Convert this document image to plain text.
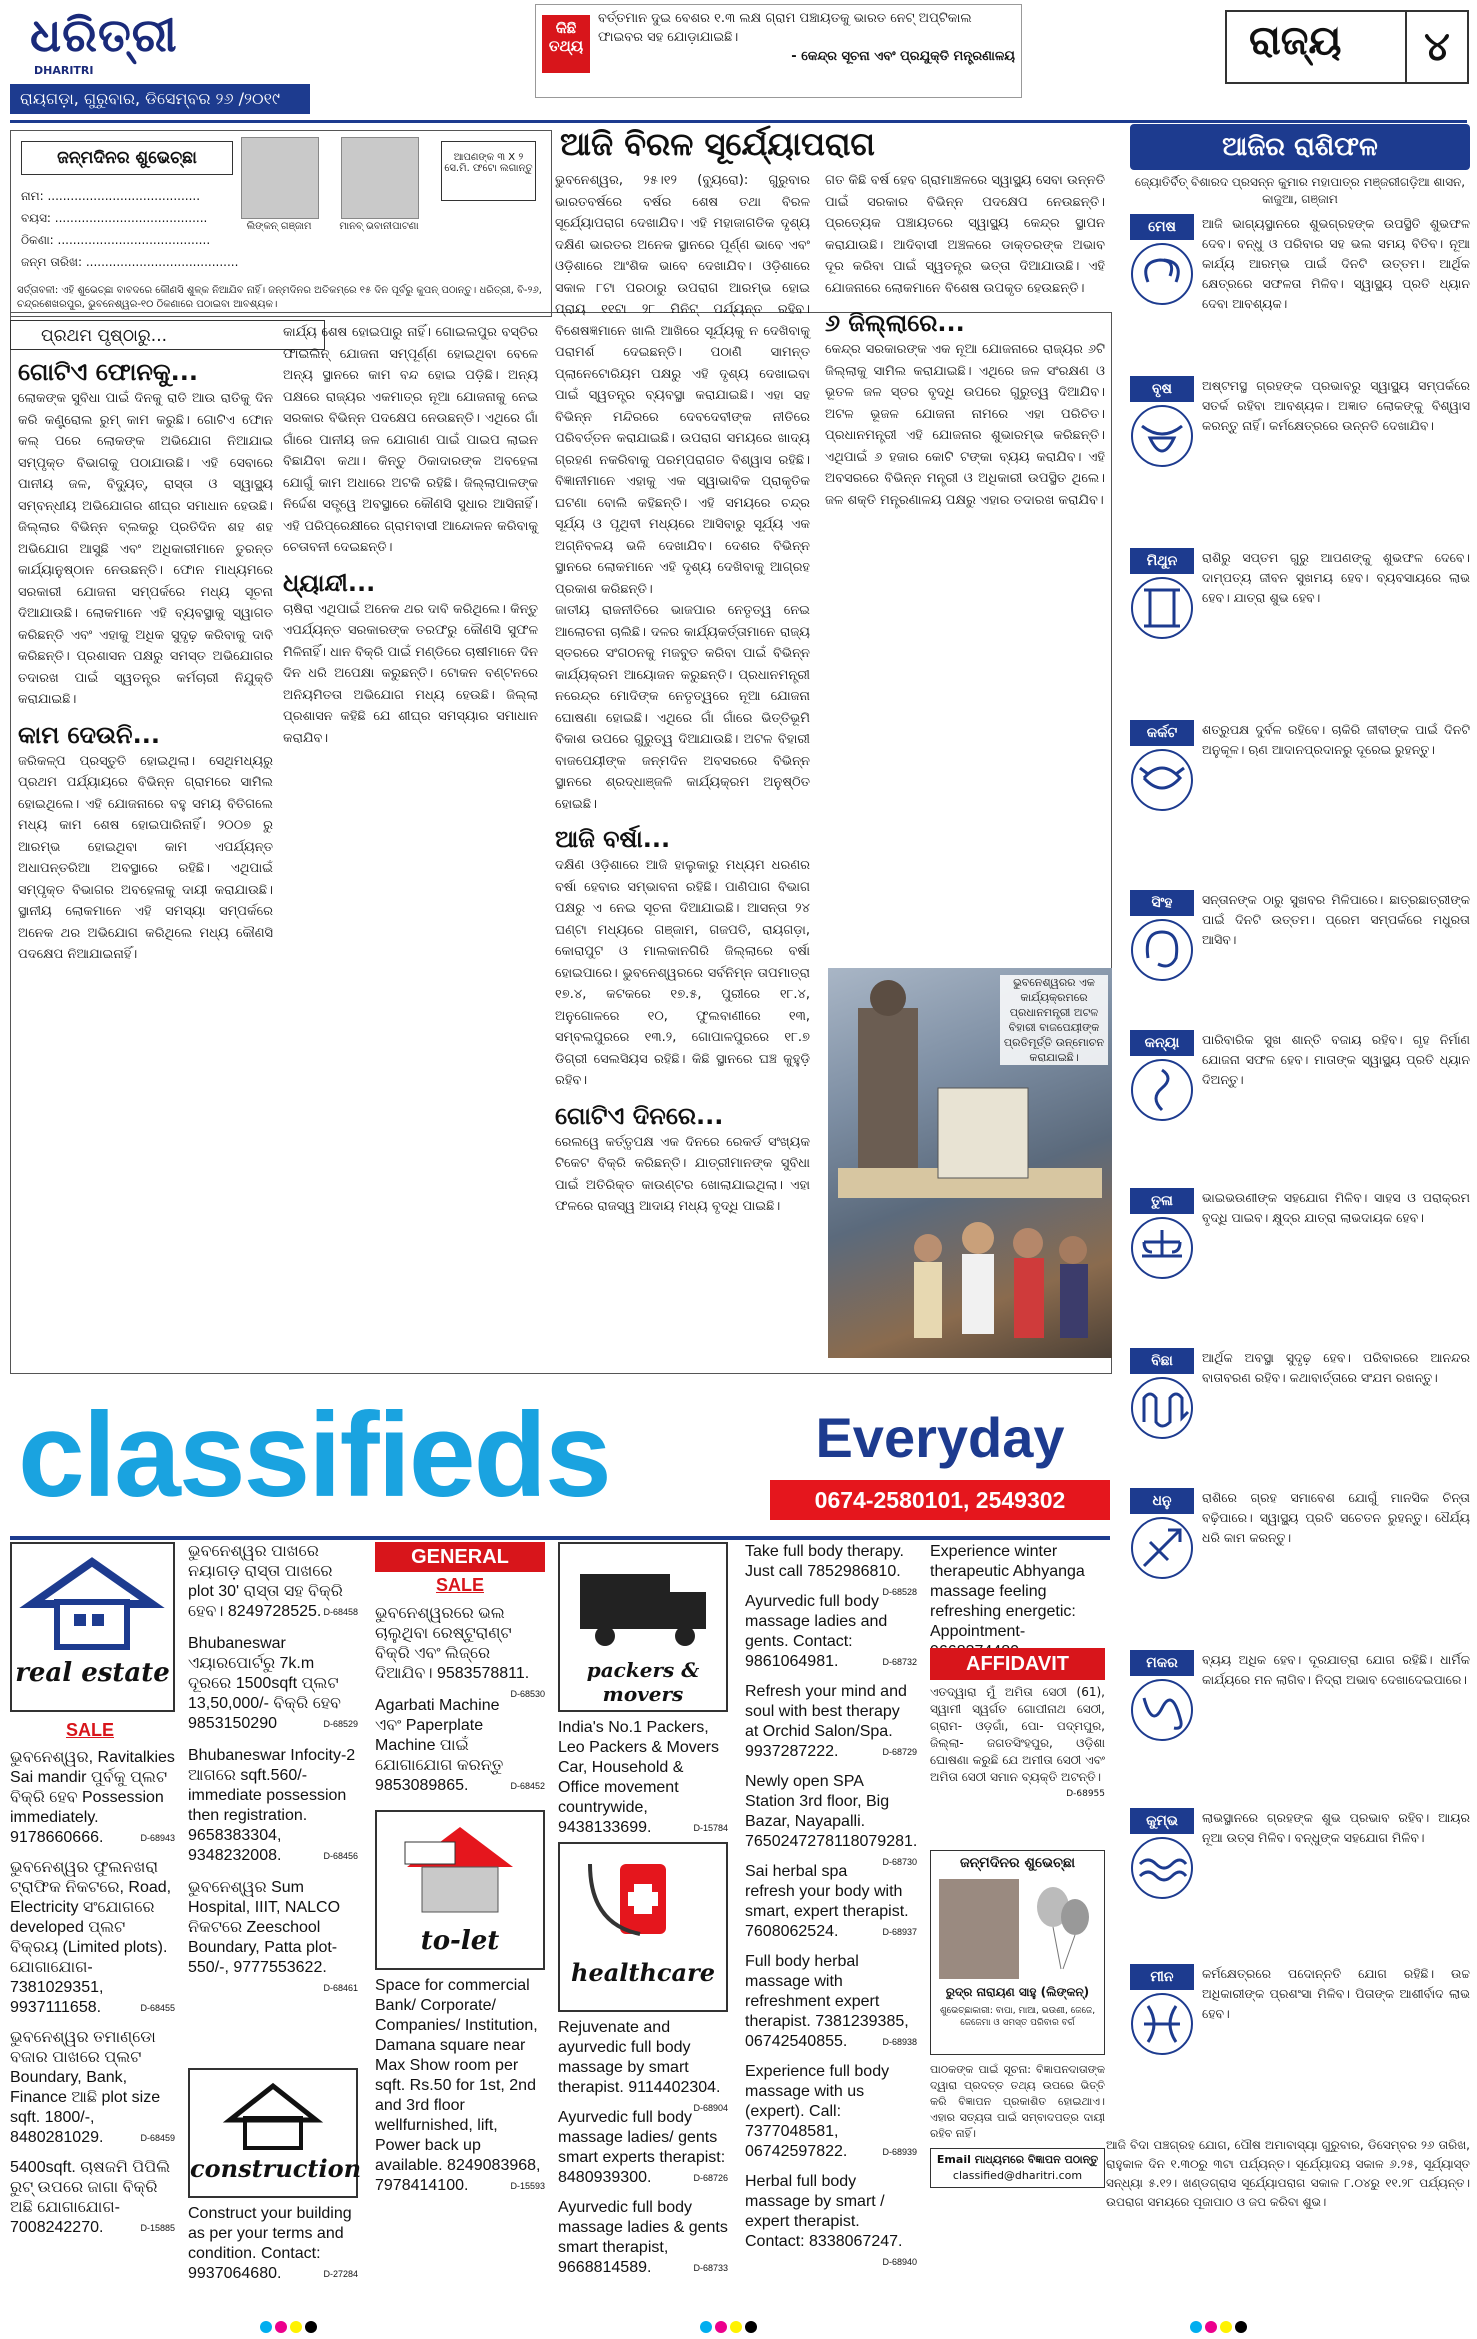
ଧରିତ୍ରୀ
DHARITRI
ରାୟଗଡ଼ା, ଗୁରୁବାର, ଡିସେମ୍ବର ୨୬ /୨୦୧୯
କିଛି ତଥ୍ୟ
ବର୍ତ୍ତମାନ ଦୁଇ ବେଶର ୧.୩ ଲକ୍ଷ ଗ୍ରାମ ପଞ୍ଚାୟତକୁ ଭାରତ ନେଟ୍ ଅପ୍ଟିକାଲ ଫାଇବର ସହ ଯୋଡ଼ାଯାଇଛି।

- କେନ୍ଦ୍ର ସୂଚନା ଏବଂ ପ୍ରଯୁକ୍ତି ମନ୍ତ୍ରଣାଳୟ	ରାଜ୍ୟ	୪
ଜନ୍ମଦିନର ଶୁଭେଚ୍ଛା
ନାମ: ........................................
ବୟସ: ........................................
ଠିକଣା: ........................................
ଜନ୍ମ ତାରିଖ: ........................................
ଲିଙ୍କନ୍ ଗଞ୍ଜାମ	ମାନବ୍ ଭବାନୀପାଟଣା
ଆପଣଙ୍କ ୩ X ୨ ସେ.ମି. ଫଟୋ ଲଗାନ୍ତୁ
ସର୍ତ୍ତାବଳୀ: ଏହି ଶୁଭେଚ୍ଛା ବାବଦରେ କୌଣସି ଶୁଳ୍କ ନିଆଯିବ ନାହିଁ। ଜନ୍ମଦିନର ଅତିକମ୍‌ରେ ୧୫ ଦିନ ପୂର୍ବରୁ କୁପନ୍ ପଠାନ୍ତୁ। ଧରିତ୍ରୀ, ବି-୨୬, ଚନ୍ଦ୍ରଶେଖରପୁର, ଭୁବନେଶ୍ୱର-୧୦ ଠିକଣାରେ ପଠାଇବା ଆବଶ୍ୟକ।
ଆଜି ବିରଳ ସୂର୍ଯ୍ୟୋପରାଗ
ପ୍ରଥମ ପୃଷ୍ଠାରୁ...
ଗୋଟିଏ ଫୋନକୁ...
ଲୋକଙ୍କ ସୁବିଧା ପାଇଁ ଦିନକୁ ରାତି ଆଉ ରାତିକୁ ଦିନ କରି କଣ୍ଟ୍ରୋଲ ରୁମ୍ କାମ କରୁଛି। ଗୋଟିଏ ଫୋନ କଲ୍ ପରେ ଲୋକଙ୍କ ଅଭିଯୋଗ ନିଆଯାଇ ସମ୍ପୃକ୍ତ ବିଭାଗକୁ ପଠାଯାଉଛି। ଏହି ସେବାରେ ପାନୀୟ ଜଳ, ବିଦ୍ୟୁତ୍, ରାସ୍ତା ଓ ସ୍ୱାସ୍ଥ୍ୟ ସମ୍ବନ୍ଧୀୟ ଅଭିଯୋଗର ଶୀଘ୍ର ସମାଧାନ ହେଉଛି। ଜିଲ୍ଲାର ବିଭିନ୍ନ ବ୍ଲକରୁ ପ୍ରତିଦିନ ଶହ ଶହ ଅଭିଯୋଗ ଆସୁଛି ଏବଂ ଅଧିକାରୀମାନେ ତୁରନ୍ତ କାର୍ଯ୍ୟାନୁଷ୍ଠାନ ନେଉଛନ୍ତି। ଫୋନ ମାଧ୍ୟମରେ ସରକାରୀ ଯୋଜନା ସମ୍ପର୍କରେ ମଧ୍ୟ ସୂଚନା ଦିଆଯାଉଛି। ଲୋକମାନେ ଏହି ବ୍ୟବସ୍ଥାକୁ ସ୍ୱାଗତ କରିଛନ୍ତି ଏବଂ ଏହାକୁ ଅଧିକ ସୁଦୃଢ଼ କରିବାକୁ ଦାବି କରିଛନ୍ତି। ପ୍ରଶାସନ ପକ୍ଷରୁ ସମସ୍ତ ଅଭିଯୋଗର ତଦାରଖ ପାଇଁ ସ୍ୱତନ୍ତ୍ର କର୍ମଚାରୀ ନିଯୁକ୍ତି କରାଯାଇଛି।
କାମ ଦେଉନି...
ଜରିକଳ୍ପ ପ୍ରସ୍ତୁତି ହୋଇଥିଲା। ସେଥିମଧ୍ୟରୁ ପ୍ରଥମ ପର୍ଯ୍ୟାୟରେ ବିଭିନ୍ନ ଗ୍ରାମରେ ସାମିଲ ହୋଇଥିଲେ। ଏହି ଯୋଜନାରେ ବହୁ ସମୟ ବିତିଗଲେ ମଧ୍ୟ କାମ ଶେଷ ହୋଇପାରିନାହିଁ। ୨୦୦୭ ରୁ ଆରମ୍ଭ ହୋଇଥିବା କାମ ଏପର୍ଯ୍ୟନ୍ତ ଅଧାପନ୍ତରିଆ ଅବସ୍ଥାରେ ରହିଛି। ଏଥିପାଇଁ ସମ୍ପୃକ୍ତ ବିଭାଗର ଅବହେଳାକୁ ଦାୟୀ କରାଯାଉଛି। ସ୍ଥାନୀୟ ଲୋକମାନେ ଏହି ସମସ୍ୟା ସମ୍ପର୍କରେ ଅନେକ ଥର ଅଭିଯୋଗ କରିଥିଲେ ମଧ୍ୟ କୌଣସି ପଦକ୍ଷେପ ନିଆଯାଇନାହିଁ।
କାର୍ଯ୍ୟ ଶେଷ ହୋଇପାରୁ ନାହିଁ। ଗୋଇଲପୁର ବସ୍ତିର ଫାଇଲିନ୍ ଯୋଜନା ସମ୍ପୂର୍ଣ୍ଣ ହୋଇଥିବା ବେଳେ ଅନ୍ୟ ସ୍ଥାନରେ କାମ ବନ୍ଦ ହୋଇ ପଡ଼ିଛି। ଅନ୍ୟ ପକ୍ଷରେ ରାଜ୍ୟର ଏକମାତ୍ର ନୂଆ ଯୋଜନାକୁ ନେଇ ସରକାର ବିଭିନ୍ନ ପଦକ୍ଷେପ ନେଉଛନ୍ତି। ଏଥିରେ ଗାଁ ଗାଁରେ ପାନୀୟ ଜଳ ଯୋଗାଣ ପାଇଁ ପାଇପ ଲାଇନ ବିଛାଯିବା କଥା। କିନ୍ତୁ ଠିକାଦାରଙ୍କ ଅବହେଳା ଯୋଗୁଁ କାମ ଅଧାରେ ଅଟକି ରହିଛି। ଜିଲ୍ଲାପାଳଙ୍କ ନିର୍ଦ୍ଦେଶ ସତ୍ତ୍ୱେ ଅବସ୍ଥାରେ କୌଣସି ସୁଧାର ଆସିନାହିଁ। ଏହି ପରିପ୍ରେକ୍ଷୀରେ ଗ୍ରାମବାସୀ ଆନ୍ଦୋଳନ କରିବାକୁ ଚେତାବନୀ ଦେଇଛନ୍ତି।
ଧ୍ୟାନ୍ଦୀ...
ଚାଷିରା ଏଥିପାଇଁ ଅନେକ ଥର ଦାବି କରିଥିଲେ। କିନ୍ତୁ ଏପର୍ଯ୍ୟନ୍ତ ସରକାରଙ୍କ ତରଫରୁ କୌଣସି ସୁଫଳ ମିଳିନାହିଁ। ଧାନ ବିକ୍ରି ପାଇଁ ମଣ୍ଡିରେ ଚାଷୀମାନେ ଦିନ ଦିନ ଧରି ଅପେକ୍ଷା କରୁଛନ୍ତି। ଟୋକନ ବଣ୍ଟନରେ ଅନିୟମିତତା ଅଭିଯୋଗ ମଧ୍ୟ ହେଉଛି। ଜିଲ୍ଲା ପ୍ରଶାସନ କହିଛି ଯେ ଶୀଘ୍ର ସମସ୍ୟାର ସମାଧାନ କରାଯିବ।
ଭୁବନେଶ୍ୱର, ୨୫।୧୨ (ବ୍ୟୁରୋ): ଗୁରୁବାର ଭାରତବର୍ଷରେ ବର୍ଷର ଶେଷ ତଥା ବିରଳ ସୂର୍ଯ୍ୟୋପରାଗ ଦେଖାଯିବ। ଏହି ମହାଜାଗତିକ ଦୃଶ୍ୟ ଦକ୍ଷିଣ ଭାରତର ଅନେକ ସ୍ଥାନରେ ପୂର୍ଣ୍ଣ ଭାବେ ଏବଂ ଓଡ଼ିଶାରେ ଆଂଶିକ ଭାବେ ଦେଖାଯିବ। ଓଡ଼ିଶାରେ ସକାଳ ୮ଟା ପରଠାରୁ ଉପରାଗ ଆରମ୍ଭ ହୋଇ ପ୍ରାୟ ୧୧ଟା ୨୮ ମିନିଟ୍ ପର୍ଯ୍ୟନ୍ତ ରହିବ। ବିଶେଷଜ୍ଞମାନେ ଖାଲି ଆଖିରେ ସୂର୍ଯ୍ୟକୁ ନ ଦେଖିବାକୁ ପରାମର୍ଶ ଦେଇଛନ୍ତି। ପଠାଣି ସାମନ୍ତ ପ୍ଲାନେଟୋରିୟମ ପକ୍ଷରୁ ଏହି ଦୃଶ୍ୟ ଦେଖାଇବା ପାଇଁ ସ୍ୱତନ୍ତ୍ର ବ୍ୟବସ୍ଥା କରାଯାଇଛି। ଏହା ସହ ବିଭିନ୍ନ ମନ୍ଦିରରେ ଦେବଦେବୀଙ୍କ ନୀତିରେ ପରିବର୍ତ୍ତନ କରାଯାଇଛି। ଉପରାଗ ସମୟରେ ଖାଦ୍ୟ ଗ୍ରହଣ ନକରିବାକୁ ପରମ୍ପରାଗତ ବିଶ୍ୱାସ ରହିଛି। ବିଜ୍ଞାନୀମାନେ ଏହାକୁ ଏକ ସ୍ୱାଭାବିକ ପ୍ରାକୃତିକ ଘଟଣା ବୋଲି କହିଛନ୍ତି। ଏହି ସମୟରେ ଚନ୍ଦ୍ର ସୂର୍ଯ୍ୟ ଓ ପୃଥିବୀ ମଧ୍ୟରେ ଆସିବାରୁ ସୂର୍ଯ୍ୟ ଏକ ଅଗ୍ନିବଳୟ ଭଳି ଦେଖାଯିବ। ଦେଶର ବିଭିନ୍ନ ସ୍ଥାନରେ ଲୋକମାନେ ଏହି ଦୃଶ୍ୟ ଦେଖିବାକୁ ଆଗ୍ରହ ପ୍ରକାଶ କରିଛନ୍ତି।
ଜାତୀୟ ରାଜନୀତିରେ ଭାଜପାର ନେତୃତ୍ୱ ନେଇ ଆଲୋଚନା ଚାଲିଛି। ଦଳର କାର୍ଯ୍ୟକର୍ତ୍ତାମାନେ ରାଜ୍ୟ ସ୍ତରରେ ସଂଗଠନକୁ ମଜବୁତ କରିବା ପାଇଁ ବିଭିନ୍ନ କାର୍ଯ୍ୟକ୍ରମ ଆୟୋଜନ କରୁଛନ୍ତି। ପ୍ରଧାନମନ୍ତ୍ରୀ ନରେନ୍ଦ୍ର ମୋଦିଙ୍କ ନେତୃତ୍ୱରେ ନୂଆ ଯୋଜନା ଘୋଷଣା ହୋଇଛି। ଏଥିରେ ଗାଁ ଗାଁରେ ଭିତ୍ତିଭୂମି ବିକାଶ ଉପରେ ଗୁରୁତ୍ୱ ଦିଆଯାଉଛି। ଅଟଳ ବିହାରୀ ବାଜପେୟୀଙ୍କ ଜନ୍ମଦିନ ଅବସରରେ ବିଭିନ୍ନ ସ୍ଥାନରେ ଶ୍ରଦ୍ଧାଞ୍ଜଳି କାର୍ଯ୍ୟକ୍ରମ ଅନୁଷ୍ଠିତ ହୋଇଛି।
ଆଜି ବର୍ଷା...
ଦକ୍ଷିଣ ଓଡ଼ିଶାରେ ଆଜି ହାଲୁକାରୁ ମଧ୍ୟମ ଧରଣର ବର୍ଷା ହେବାର ସମ୍ଭାବନା ରହିଛି। ପାଣିପାଗ ବିଭାଗ ପକ୍ଷରୁ ଏ ନେଇ ସୂଚନା ଦିଆଯାଇଛି। ଆସନ୍ତା ୨୪ ଘଣ୍ଟା ମଧ୍ୟରେ ଗଞ୍ଜାମ, ଗଜପତି, ରାୟଗଡ଼ା, କୋରାପୁଟ ଓ ମାଲକାନଗିରି ଜିଲ୍ଲାରେ ବର୍ଷା ହୋଇପାରେ। ଭୁବନେଶ୍ୱରରେ ସର୍ବନିମ୍ନ ତାପମାତ୍ରା ୧୭.୪, କଟକରେ ୧୭.୫, ପୁରୀରେ ୧୮.୪, ଅନୁଗୋଳରେ ୧୦, ଫୁଲବାଣୀରେ ୧୩, ସମ୍ବଲପୁରରେ ୧୩.୨, ଗୋପାଳପୁରରେ ୧୮.୭ ଡିଗ୍ରୀ ସେଲସିୟସ ରହିଛି। କିଛି ସ୍ଥାନରେ ଘଞ୍ଚ କୁହୁଡ଼ି ରହିବ।
ଗୋଟିଏ ଦିନରେ...
ରେଲୱେ କର୍ତ୍ତୃପକ୍ଷ ଏକ ଦିନରେ ରେକର୍ଡ ସଂଖ୍ୟକ ଟିକେଟ ବିକ୍ରି କରିଛନ୍ତି। ଯାତ୍ରୀମାନଙ୍କ ସୁବିଧା ପାଇଁ ଅତିରିକ୍ତ କାଉଣ୍ଟର ଖୋଲାଯାଇଥିଲା। ଏହା ଫଳରେ ରାଜସ୍ୱ ଆଦାୟ ମଧ୍ୟ ବୃଦ୍ଧି ପାଇଛି।
ଗତ କିଛି ବର୍ଷ ହେବ ଗ୍ରାମାଞ୍ଚଳରେ ସ୍ୱାସ୍ଥ୍ୟ ସେବା ଉନ୍ନତି ପାଇଁ ସରକାର ବିଭିନ୍ନ ପଦକ୍ଷେପ ନେଉଛନ୍ତି। ପ୍ରତ୍ୟେକ ପଞ୍ଚାୟତରେ ସ୍ୱାସ୍ଥ୍ୟ କେନ୍ଦ୍ର ସ୍ଥାପନ କରାଯାଉଛି। ଆଦିବାସୀ ଅଞ୍ଚଳରେ ଡାକ୍ତରଙ୍କ ଅଭାବ ଦୂର କରିବା ପାଇଁ ସ୍ୱତନ୍ତ୍ର ଭତ୍ତା ଦିଆଯାଉଛି। ଏହି ଯୋଜନାରେ ଲୋକମାନେ ବିଶେଷ ଉପକୃତ ହେଉଛନ୍ତି।
୬ ଜିଲ୍ଲାରେ...
କେନ୍ଦ୍ର ସରକାରଙ୍କ ଏକ ନୂଆ ଯୋଜନାରେ ରାଜ୍ୟର ୬ଟି ଜିଲ୍ଲାକୁ ସାମିଲ କରାଯାଇଛି। ଏଥିରେ ଜଳ ସଂରକ୍ଷଣ ଓ ଭୂତଳ ଜଳ ସ୍ତର ବୃଦ୍ଧି ଉପରେ ଗୁରୁତ୍ୱ ଦିଆଯିବ। ଅଟଳ ଭୂଜଳ ଯୋଜନା ନାମରେ ଏହା ପରିଚିତ। ପ୍ରଧାନମନ୍ତ୍ରୀ ଏହି ଯୋଜନାର ଶୁଭାରମ୍ଭ କରିଛନ୍ତି। ଏଥିପାଇଁ ୬ ହଜାର କୋଟି ଟଙ୍କା ବ୍ୟୟ କରାଯିବ। ଏହି ଅବସରରେ ବିଭିନ୍ନ ମନ୍ତ୍ରୀ ଓ ଅଧିକାରୀ ଉପସ୍ଥିତ ଥିଲେ। ଜଳ ଶକ୍ତି ମନ୍ତ୍ରଣାଳୟ ପକ୍ଷରୁ ଏହାର ତଦାରଖ କରାଯିବ।
ଭୁବନେଶ୍ୱରର ଏକ କାର୍ଯ୍ୟକ୍ରମରେ ପ୍ରଧାନମନ୍ତ୍ରୀ ଅଟଳ ବିହାରୀ ବାଜପେୟୀଙ୍କ ପ୍ରତିମୂର୍ତ୍ତି ଉନ୍ମୋଚନ କରାଯାଇଛି।
ଆଜିର ରାଶିଫଳ
ଜ୍ୟୋତିର୍ବିତ୍ ବିଶାରଦ ପ୍ରସନ୍ନ କୁମାର ମହାପାତ୍ର ମଞ୍ଜରୀଗଡ଼ିଆ ଶାସନ, କାଜୁଆ, ଗଞ୍ଜାମ
ମେଷ	ଆଜି ଭାଗ୍ୟସ୍ଥାନରେ ଶୁଭଗ୍ରହଙ୍କ ଉପସ୍ଥିତି ଶୁଭଫଳ ଦେବ। ବନ୍ଧୁ ଓ ପରିବାର ସହ ଭଲ ସମୟ ବିତିବ। ନୂଆ କାର୍ଯ୍ୟ ଆରମ୍ଭ ପାଇଁ ଦିନଟି ଉତ୍ତମ। ଆର୍ଥିକ କ୍ଷେତ୍ରରେ ସଫଳତା ମିଳିବ। ସ୍ୱାସ୍ଥ୍ୟ ପ୍ରତି ଧ୍ୟାନ ଦେବା ଆବଶ୍ୟକ।
ବୃଷ	ଅଷ୍ଟମସ୍ଥ ଗ୍ରହଙ୍କ ପ୍ରଭାବରୁ ସ୍ୱାସ୍ଥ୍ୟ ସମ୍ପର୍କରେ ସତର୍କ ରହିବା ଆବଶ୍ୟକ। ଅଜ୍ଞାତ ଲୋକଙ୍କୁ ବିଶ୍ୱାସ କରନ୍ତୁ ନାହିଁ। କର୍ମକ୍ଷେତ୍ରରେ ଉନ୍ନତି ଦେଖାଯିବ।
ମିଥୁନ	ରାଶିରୁ ସପ୍ତମ ଗୁରୁ ଆପଣଙ୍କୁ ଶୁଭଫଳ ଦେବେ। ଦାମ୍ପତ୍ୟ ଜୀବନ ସୁଖମୟ ହେବ। ବ୍ୟବସାୟରେ ଲାଭ ହେବ। ଯାତ୍ରା ଶୁଭ ହେବ।
କର୍କଟ	ଶତ୍ରୁପକ୍ଷ ଦୁର୍ବଳ ରହିବେ। ଚାକିରି ଜୀବୀଙ୍କ ପାଇଁ ଦିନଟି ଅନୁକୂଳ। ଋଣ ଆଦାନପ୍ରଦାନରୁ ଦୂରେଇ ରୁହନ୍ତୁ।
ସିଂହ	ସନ୍ତାନଙ୍କ ଠାରୁ ସୁଖବର ମିଳିପାରେ। ଛାତ୍ରଛାତ୍ରୀଙ୍କ ପାଇଁ ଦିନଟି ଉତ୍ତମ। ପ୍ରେମ ସମ୍ପର୍କରେ ମଧୁରତା ଆସିବ।
କନ୍ୟା	ପାରିବାରିକ ସୁଖ ଶାନ୍ତି ବଜାୟ ରହିବ। ଗୃହ ନିର୍ମାଣ ଯୋଜନା ସଫଳ ହେବ। ମାତାଙ୍କ ସ୍ୱାସ୍ଥ୍ୟ ପ୍ରତି ଧ୍ୟାନ ଦିଅନ୍ତୁ।
ତୁଳା	ଭାଇଭଉଣୀଙ୍କ ସହଯୋଗ ମିଳିବ। ସାହସ ଓ ପରାକ୍ରମ ବୃଦ୍ଧି ପାଇବ। କ୍ଷୁଦ୍ର ଯାତ୍ରା ଲାଭଦାୟକ ହେବ।
ବିଛା	ଆର୍ଥିକ ଅବସ୍ଥା ସୁଦୃଢ଼ ହେବ। ପରିବାରରେ ଆନନ୍ଦର ବାତାବରଣ ରହିବ। କଥାବାର୍ତ୍ତାରେ ସଂଯମ ରଖନ୍ତୁ।
ଧନୁ	ରାଶିରେ ଗ୍ରହ ସମାବେଶ ଯୋଗୁଁ ମାନସିକ ଚିନ୍ତା ବଢ଼ିପାରେ। ସ୍ୱାସ୍ଥ୍ୟ ପ୍ରତି ସଚେତନ ରୁହନ୍ତୁ। ଧୈର୍ଯ୍ୟ ଧରି କାମ କରନ୍ତୁ।
ମକର	ବ୍ୟୟ ଅଧିକ ହେବ। ଦୂରଯାତ୍ରା ଯୋଗ ରହିଛି। ଧାର୍ମିକ କାର୍ଯ୍ୟରେ ମନ ଲାଗିବ। ନିଦ୍ରା ଅଭାବ ଦେଖାଦେଇପାରେ।
କୁମ୍ଭ	ଲାଭସ୍ଥାନରେ ଗ୍ରହଙ୍କ ଶୁଭ ପ୍ରଭାବ ରହିବ। ଆୟର ନୂଆ ଉତ୍ସ ମିଳିବ। ବନ୍ଧୁଙ୍କ ସହଯୋଗ ମିଳିବ।
ମୀନ	କର୍ମକ୍ଷେତ୍ରରେ ପଦୋନ୍ନତି ଯୋଗ ରହିଛି। ଉଚ୍ଚ ଅଧିକାରୀଙ୍କ ପ୍ରଶଂସା ମିଳିବ। ପିତାଙ୍କ ଆଶୀର୍ବାଦ ଲାଭ ହେବ।
ଆଜି ବିଦା ପଞ୍ଚଗ୍ରହ ଯୋଗ, ପୌଷ ଅମାବାସ୍ୟା ଗୁରୁବାର, ଡିସେମ୍ବର ୨୬ ତାରିଖ, ରାହୁକାଳ ଦିନ ୧.୩୦ରୁ ୩ଟା ପର୍ଯ୍ୟନ୍ତ। ସୂର୍ଯ୍ୟୋଦୟ ସକାଳ ୬.୨୫, ସୂର୍ଯ୍ୟାସ୍ତ ସନ୍ଧ୍ୟା ୫.୧୨। ଖଣ୍ଡଗ୍ରାସ ସୂର୍ଯ୍ୟୋପରାଗ ସକାଳ ୮.୦୪ରୁ ୧୧.୨୮ ପର୍ଯ୍ୟନ୍ତ। ଉପରାଗ ସମୟରେ ପୂଜାପାଠ ଓ ଜପ କରିବା ଶୁଭ।
classifieds	Everyday
0674-2580101, 2549302
real estate
SALE
ଭୁବନେଶ୍ୱର, Ravitalkies Sai mandir ପୁର୍ବକୁ ପ୍ଲଟ ବିକ୍ରି ହେବ Possession immediately. 9178660666.	D-68943
ଭୁବନେଶ୍ୱର ଫୁଲନଖରା ଟ୍ରାଫିକ ନିକଟରେ, Road, Electricity ସଂଯୋଗରେ developed ପ୍ଲଟ ବିକ୍ରୟ (Limited plots). ଯୋଗାଯୋଗ- 7381029351, 9937111658.	D-68455
ଭୁବନେଶ୍ୱର ତମାଣ୍ଡୋ ବଜାର ପାଖରେ ପ୍ଲଟ Boundary, Bank, Finance ଆଛି plot size sqft. 1800/-, 8480281029.	D-68459
5400sqft. ଚାଷଜମି ପିପିଲି ରୁଟ୍ ଉପରେ ଜାଗା ବିକ୍ରି ଅଛି ଯୋଗାଯୋଗ- 7008242270.	D-15885
ଭୁବନେଶ୍ୱର ପାଖରେ ନୟାଗଡ଼ ରାସ୍ତା ପାଖରେ plot 30' ରାସ୍ତା ସହ ବିକ୍ରି ହେବ। 8249728525. D-68458
Bhubaneswar ଏୟାରପୋର୍ଟରୁ 7k.m ଦୂରରେ 1500sqft ପ୍ଲଟ 13,50,000/- ବିକ୍ରି ହେବ 9853150290	D-68529
Bhubaneswar Infocity-2 ଆଗରେ sqft.560/- immediate possession then registration. 9658383304, 9348232008.	D-68456
ଭୁବନେଶ୍ୱର Sum Hospital, IIIT, NALCO ନିକଟରେ Zeeschool Boundary, Patta plot-550/-, 9777553622.
D-68461
construction
Construct your building as per your terms and condition. Contact: 9937064680.	D-27284
GENERAL
SALE
ଭୁବନେଶ୍ୱରରେ ଭଲ ଚାଲୁଥିବା ରେଷ୍ଟୁରାଣ୍ଟ ବିକ୍ରି ଏବଂ ଲିଜ୍‌ରେ ଦିଆଯିବ। 9583578811.
D-68530
Agarbati Machine ଏବଂ Paperplate Machine ପାଇଁ ଯୋଗାଯୋଗ କରନ୍ତୁ 9853089865.	D-68452
to-let
Space for commercial Bank/ Corporate/ Companies/ Institution, Damana square near Max Show room per sqft. Rs.50 for 1st, 2nd and 3rd floor wellfurnished, lift, Power back up available. 8249083968, 7978414100.	D-15593
packers & movers
India's No.1 Packers, Leo Packers & Movers Car, Household & Office movement countrywide, 9438133699.	D-15784
healthcare
Rejuvenate and ayurvedic full body massage by smart therapist. 9114402304.
D-68904
Ayurvedic full body massage ladies/ gents smart experts therapist: 8480939300.	D-68726
Ayurvedic full body massage ladies & gents smart therapist, 9668814589.	D-68733
Take full body therapy. Just call 7852986810.
D-68528
Ayurvedic full body massage ladies and gents. Contact: 9861064981.	D-68732
Refresh your mind and soul with best therapy at Orchid Salon/Spa. 9937287222.	D-68729
Newly open SPA Station 3rd floor, Big Bazar, Nayapalli. 7650247278118079281.
D-68730
Sai herbal spa refresh your body with smart, expert therapist. 7608062524.	D-68937
Full body herbal massage with refreshment expert therapist. 7381239385, 06742540855.	D-68938
Experience full body massage with us (expert). Call: 7377048581, 06742597822.	D-68939
Herbal full body massage by smart / expert therapist. Contact: 8338067247.
D-68940
Experience winter therapeutic Abhyanga massage feeling refreshing energetic: Appointment-
AFFIDAVIT
ଏତଦ୍ୱାରା ମୁଁ ଅମିତା ସେଠୀ (61), ସ୍ୱାମୀ ସ୍ୱର୍ଗତ ଗୋପୀନାଥ ସେଠୀ, ଗ୍ରାମ- ଓଡ଼ଗାଁ, ପୋ- ପଦ୍ମପୁର, ଜିଲ୍ଲା- ଜଗତସିଂହପୁର, ଓଡ଼ିଶା ଘୋଷଣା କରୁଛି ଯେ ଅମୀତା ସେଠୀ ଏବଂ ଅମିତା ସେଠୀ ସମାନ ବ୍ୟକ୍ତି ଅଟନ୍ତି।
D-68955
ଜନ୍ମଦିନର ଶୁଭେଚ୍ଛା
ରୁଦ୍ର ନାରାୟଣ ସାହୁ (ଲିଙ୍କନ୍)
ଶୁଭେଚ୍ଛାକାରୀ: ବାପା, ମାଆ, ଭଉଣୀ, ଜେଜେ, ଜେଜେମା ଓ ସମସ୍ତ ପରିବାର ବର୍ଗ
ପାଠକଙ୍କ ପାଇଁ ସୂଚନା: ବିଜ୍ଞାପନଦାତାଙ୍କ ଦ୍ୱାରା ପ୍ରଦତ୍ତ ତଥ୍ୟ ଉପରେ ଭିତ୍ତି କରି ବିଜ୍ଞାପନ ପ୍ରକାଶିତ ହୋଇଥାଏ। ଏହାର ସତ୍ୟତା ପାଇଁ ସମ୍ବାଦପତ୍ର ଦାୟୀ ରହିବ ନାହିଁ।
Email ମାଧ୍ୟମରେ ବିଜ୍ଞାପନ ପଠାନ୍ତୁ
classified@dharitri.com
